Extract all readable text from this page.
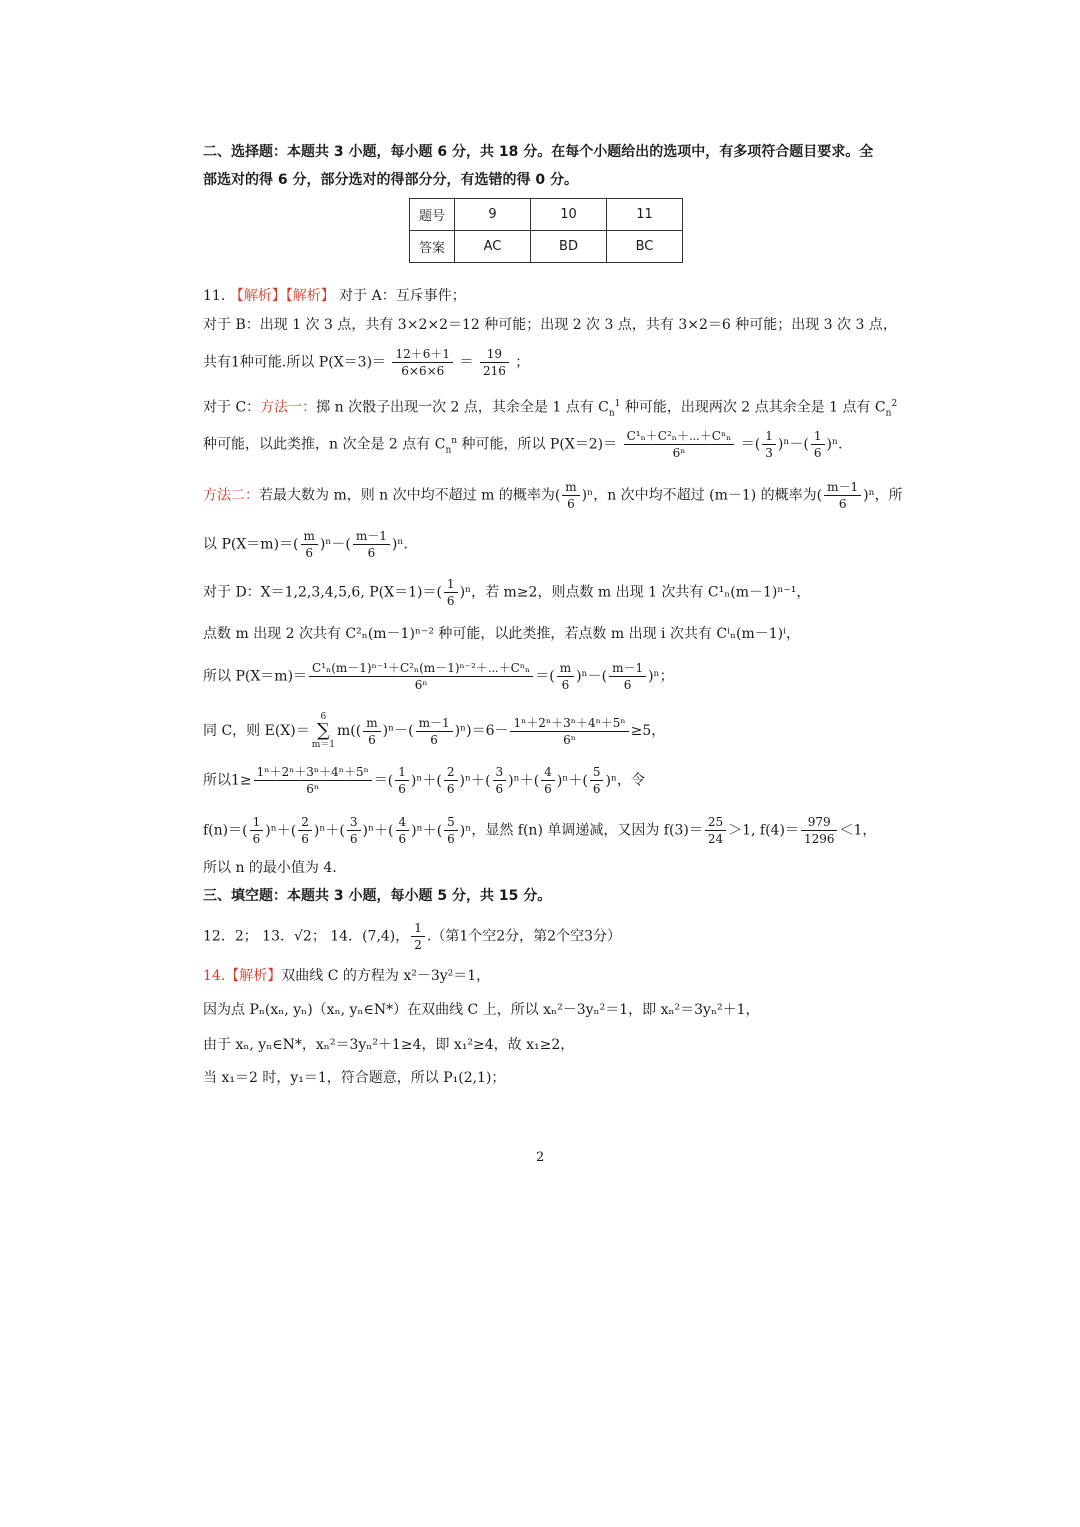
二、选择题：本题共 3 小题，每小题 6 分，共 18 分。在每个小题给出的选项中，有多项符合题目要求。全
部选对的得 6 分，部分选对的得部分分，有选错的得 0 分。
题号	9	10	11
答案	AC	BD	BC
11. 【解析】【解析】 对于 A：互斥事件；
对于 B：出现 1 次 3 点，共有 3×2×2＝12 种可能；出现 2 次 3 点，共有 3×2＝6 种可能；出现 3 次 3 点，
共有1种可能.所以 $P(X=3)= \frac{12+6+1}{6\times 6\times 6} = \frac{19}{216}$ ；
对于 C：方法一：掷 n 次骰子出现一次 2 点，其余全是 1 点有 $C_n^1$ 种可能，出现两次 2 点其余全是 1 点有 $C_n^2$
种可能，以此类推，n 次全是 2 点有 $C_n^n$ 种可能，所以 $P(X=2)= \frac{\text{C¹ₙ＋C²ₙ＋⋯＋Cⁿₙ}}{\text{6ⁿ}}$ ＝( $\frac{1}{3} )^n-( \frac{1}{6} )^n$.
方法二：若最大数为 m，则 n 次中均不超过 m 的概率为( $\frac{m}{6} )^n$，n 次中均不超过 (m－1) 的概率为( $\frac{m-1}{6} )^n$，所
以 $P(X=m)=( \frac{m}{6} )^n-( \frac{m-1}{6} )^n$.
对于 D：X＝1,2,3,4,5,6, $P(X=1)=( \frac{1}{6} )^n$，若 m≥2，则点数 m 出现 1 次共有 C¹ₙ(m－1)ⁿ⁻¹，
点数 m 出现 2 次共有 C²ₙ(m－1)ⁿ⁻² 种可能，以此类推，若点数 m 出现 i 次共有 Cⁱₙ(m－1)ⁱ，
所以 $P(X=m)= \frac{\text{C¹ₙ(m－1)ⁿ⁻¹＋C²ₙ(m－1)ⁿ⁻²＋⋯＋Cⁿₙ}}{\text{6ⁿ}}$ ＝( $\frac{m}{6} )^n-( \frac{m-1}{6} )^n$；
同 C，则 E(X)＝
6
∑
m＝1
$m(( \frac{m}{6} )^n-( \frac{m-1}{6} )^n)=6- \frac{\text{1ⁿ＋2ⁿ＋3ⁿ＋4ⁿ＋5ⁿ}}{\text{6ⁿ}} \ge 5$，
所以$1\ge \frac{\text{1ⁿ＋2ⁿ＋3ⁿ＋4ⁿ＋5ⁿ}}{\text{6ⁿ}}$ ＝( $\frac{1}{6} )^n+( \frac{2}{6} )^n+( \frac{3}{6} )^n+( \frac{4}{6} )^n+( \frac{5}{6} )^n$，令
$f(n)=( \frac{1}{6} )^n+( \frac{2}{6} )^n+( \frac{3}{6} )^n+( \frac{4}{6} )^n+( \frac{5}{6} )^n$，显然 f(n) 单调递减，又因为 $f(3)= \frac{25}{24} >1$, $f(4)= \frac{979}{1296} <1$，
所以 n 的最小值为 4.
三、填空题：本题共 3 小题，每小题 5 分，共 15 分。
12．2； 13．√2； 14．(7,4)， $\frac{1}{2}$ .（第1个空2分，第2个空3分）
14.【解析】双曲线 C 的方程为 x²－3y²＝1，
因为点 Pₙ(xₙ, yₙ)（xₙ, yₙ∈N*）在双曲线 C 上，所以 xₙ²－3yₙ²＝1，即 xₙ²＝3yₙ²＋1，
由于 xₙ, yₙ∈N*，xₙ²＝3yₙ²＋1≥4，即 x₁²≥4，故 x₁≥2，
当 x₁＝2 时，y₁＝1，符合题意，所以 P₁(2,1)；
2
